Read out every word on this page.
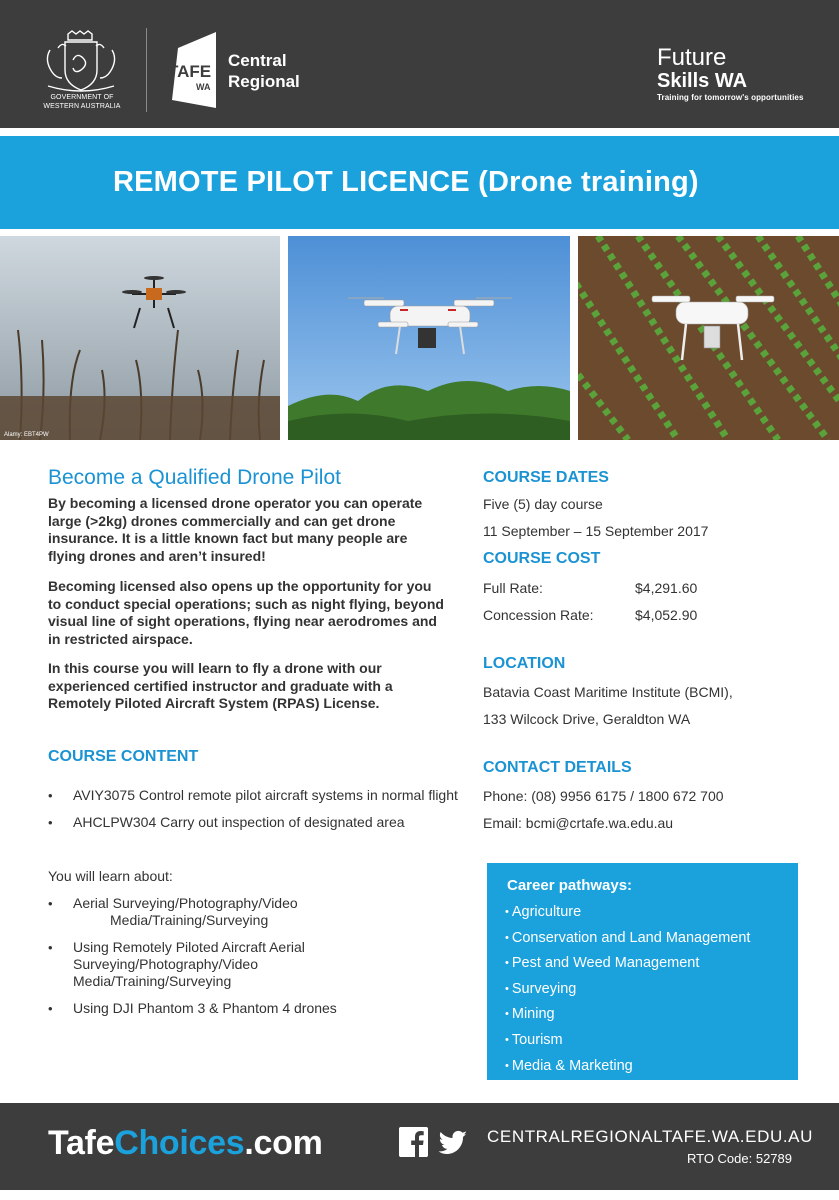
GOVERNMENT OF
WESTERN AUSTRALIA
TAFE
WA
Central
Regional
Future
Skills WA
Training for tomorrow's opportunities
REMOTE PILOT LICENCE (Drone training)
Alamy: EBT4PW
Become a Qualified Drone Pilot

By becoming a licensed drone operator you can operate large (>2kg) drones commercially and can get drone insurance. It is a little known fact but many people are flying drones and aren’t insured!

Becoming licensed also opens up the opportunity for you to conduct special operations; such as night flying, beyond visual line of sight operations, flying near aerodromes and in restricted airspace.

In this course you will learn to fly a drone with our experienced certified instructor and graduate with a Remotely Piloted Aircraft System (RPAS) License.

COURSE CONTENT
• AVIY3075 Control remote pilot aircraft systems in normal flight
• AHCLPW304 Carry out inspection of designated area
You will learn about:
• Aerial Surveying/Photography/Video
Media/Training/Surveying
• Using Remotely Piloted Aircraft Aerial Surveying/Photography/Video Media/Training/Surveying
• Using DJI Phantom 3 & Phantom 4 drones
COURSE DATES
Five (5) day course
11 September – 15 September 2017
COURSE COST
Full Rate:	$4,291.60
Concession Rate:	$4,052.90
LOCATION
Batavia Coast Maritime Institute (BCMI),
133 Wilcock Drive, Geraldton WA
CONTACT DETAILS
Phone: (08) 9956 6175 / 1800 672 700
Email: bcmi@crtafe.wa.edu.au
Career pathways:
• Agriculture
• Conservation and Land Management
• Pest and Weed Management
• Surveying
• Mining
• Tourism
• Media & Marketing
TafeChoices.com	CENTRALREGIONALTAFE.WA.EDU.AU
RTO Code: 52789
